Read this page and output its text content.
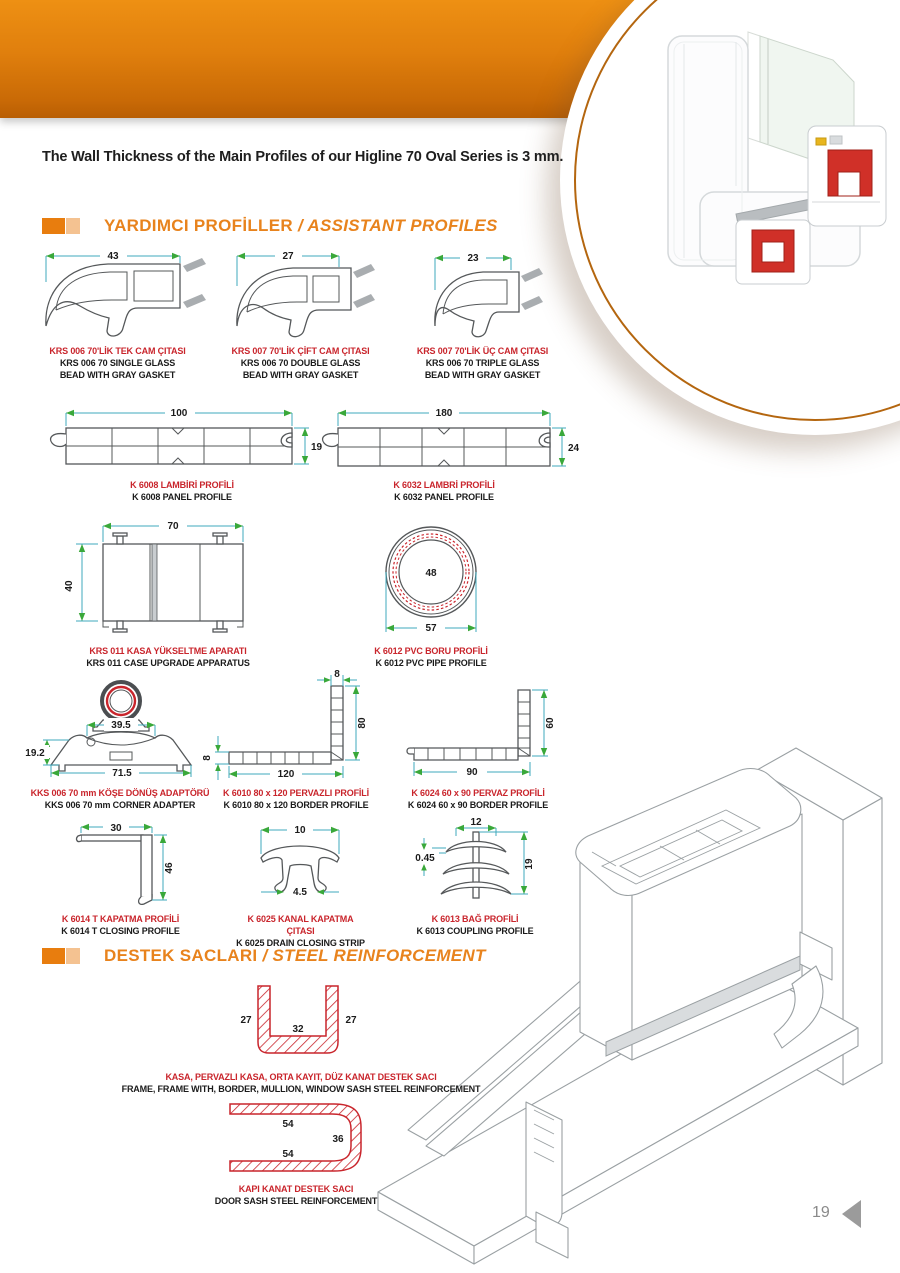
The Wall Thickness of the Main Profiles of our Higline 70 Oval Series is 3 mm.
YARDIMCI PROFİLLER / ASSISTANT PROFILES
43
KRS 006 70'LİK TEK CAM ÇITASI
KRS 006 70 SINGLE GLASS
BEAD WITH GRAY GASKET
27
KRS 007 70'LİK ÇİFT CAM ÇITASI
KRS 006 70 DOUBLE GLASS
BEAD WITH GRAY GASKET
23
KRS 007 70'LİK ÜÇ CAM ÇITASI
KRS 006 70 TRIPLE GLASS
BEAD WITH GRAY GASKET
100
19
K 6008 LAMBİRİ PROFİLİ
K 6008 PANEL PROFILE
180
24
K 6032 LAMBRİ PROFİLİ
K 6032 PANEL PROFILE
70
40
KRS 011 KASA YÜKSELTME APARATI
KRS 011 CASE UPGRADE APPARATUS
48
57
K 6012 PVC BORU PROFİLİ
K 6012 PVC PIPE PROFILE
39.5
19.2
71.5
KKS 006 70 mm KÖŞE DÖNÜŞ ADAPTÖRÜ
KKS 006 70 mm CORNER ADAPTER
8
80
120
8
K 6010 80 x 120 PERVAZLI PROFİLİ
K 6010 80 x 120 BORDER PROFILE
60
90
K 6024 60 x 90 PERVAZ PROFİLİ
K 6024 60 x 90 BORDER PROFILE
30
46
K 6014 T KAPATMA PROFİLİ
K 6014 T CLOSING PROFILE
10
4.5
K 6025 KANAL KAPATMA ÇITASI
K 6025 DRAIN CLOSING STRIP
12
0.45	19
K 6013 BAĞ PROFİLİ
K 6013 COUPLING PROFILE
DESTEK SACLARI / STEEL REINFORCEMENT
27	27
32
KASA, PERVAZLI KASA, ORTA KAYIT, DÜZ KANAT DESTEK SACI
FRAME, FRAME WITH, BORDER, MULLION, WINDOW SASH STEEL REINFORCEMENT
54
36
54
KAPI KANAT DESTEK SACI
DOOR SASH STEEL REINFORCEMENT
19
